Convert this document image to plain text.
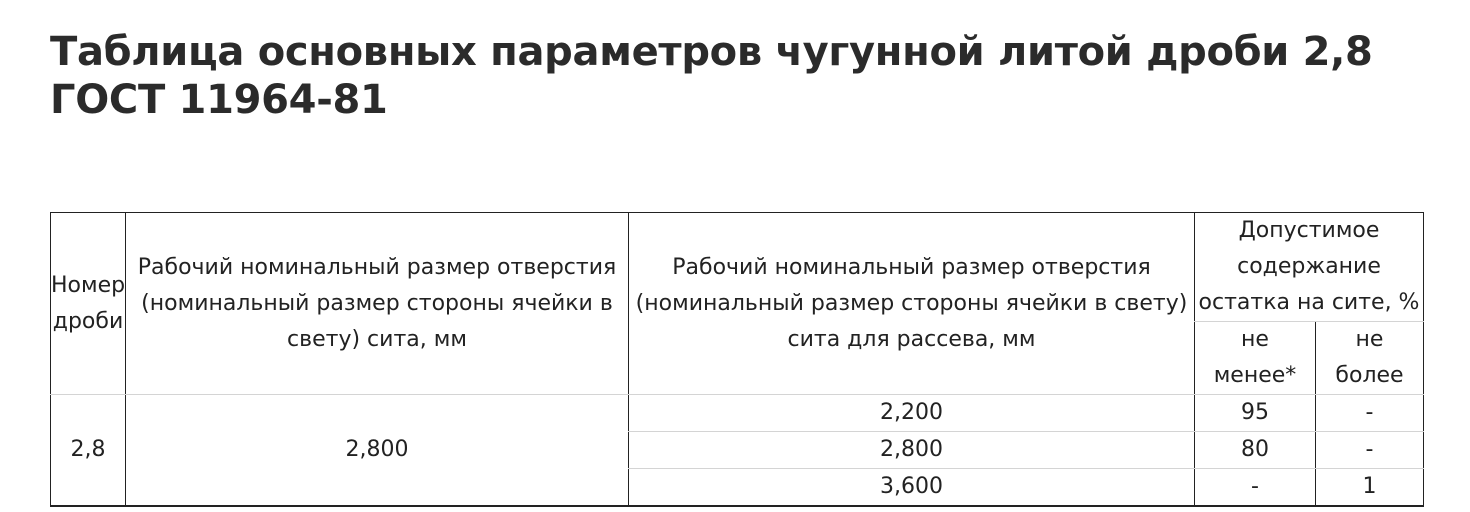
Таблица основных параметров чугунной литой дроби 2,8 ГОСТ 11964-81
Номер дроби	Рабочий номинальный размер отверстия (номинальный размер стороны ячейки в свету) сита, мм	Рабочий номинальный размер отверстия (номинальный размер стороны ячейки в свету) сита для рассева, мм	Допустимое содержание остатка на сите, %	

			не менее*	не более
2,8	2,800	2,200	95	-
		2,800	80	-
		3,600	-	1
